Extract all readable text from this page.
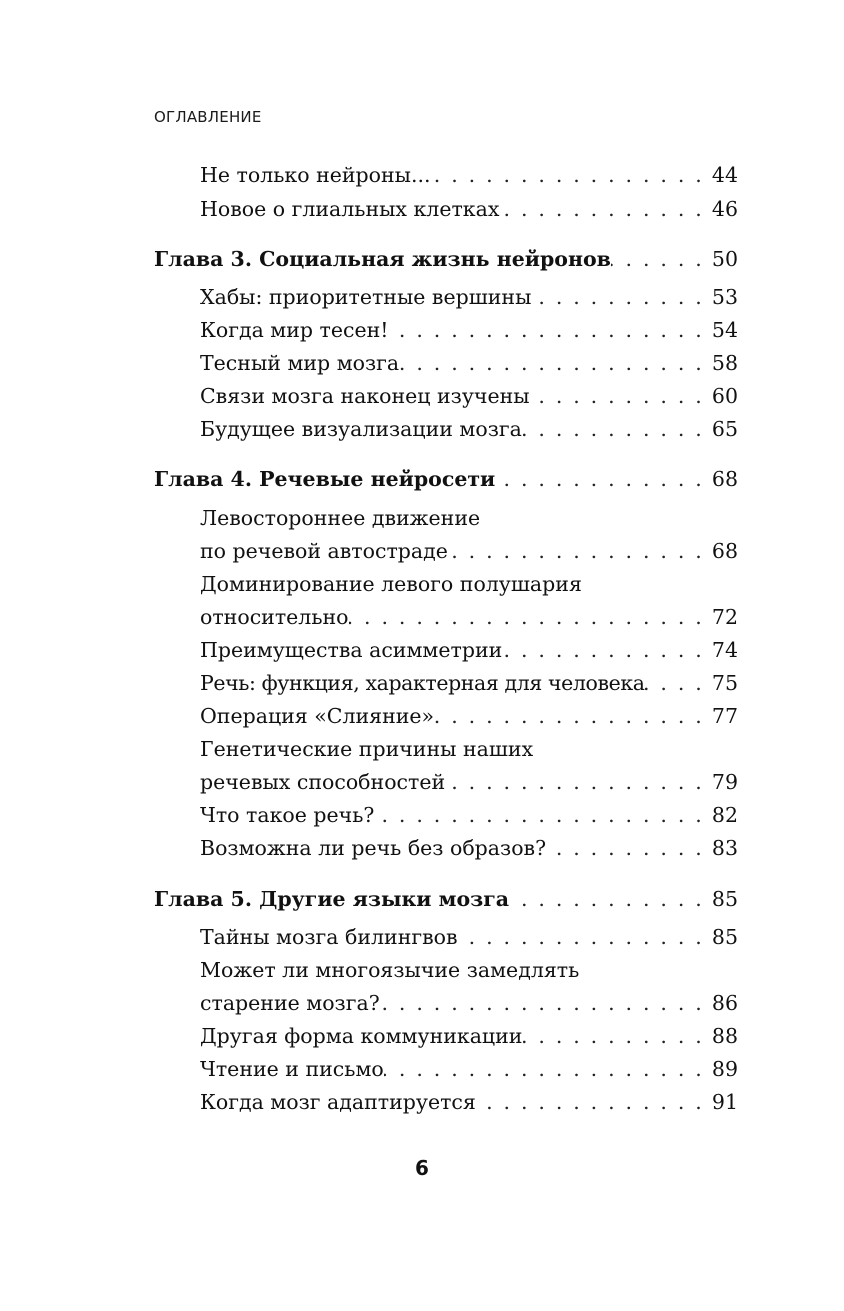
ОГЛАВЛЕНИЕ
Не только нейроны... . . .	44
Новое о глиальных клетках . . .	46
Глава 3. Социальная жизнь нейронов . . .	50
Хабы: приоритетные вершины . . .	53
Когда мир тесен! . . .	54
Тесный мир мозга . . .	58
Связи мозга наконец изучены . . .	60
Будущее визуализации мозга . . .	65
Глава 4. Речевые нейросети . . .	68
Левостороннее движение
по речевой автостраде . . .	68
Доминирование левого полушария
относительно . . .	72
Преимущества асимметрии . . .	74
Речь: функция, характерная для человека . . .	75
Операция «Слияние» . . .	77
Генетические причины наших
речевых способностей . . .	79
Что такое речь? . . .	82
Возможна ли речь без образов? . . .	83
Глава 5. Другие языки мозга . . .	85
Тайны мозга билингвов . . .	85
Может ли многоязычие замедлять
старение мозга? . . .	86
Другая форма коммуникации . . .	88
Чтение и письмо . . .	89
Когда мозг адаптируется . . .	91
6
